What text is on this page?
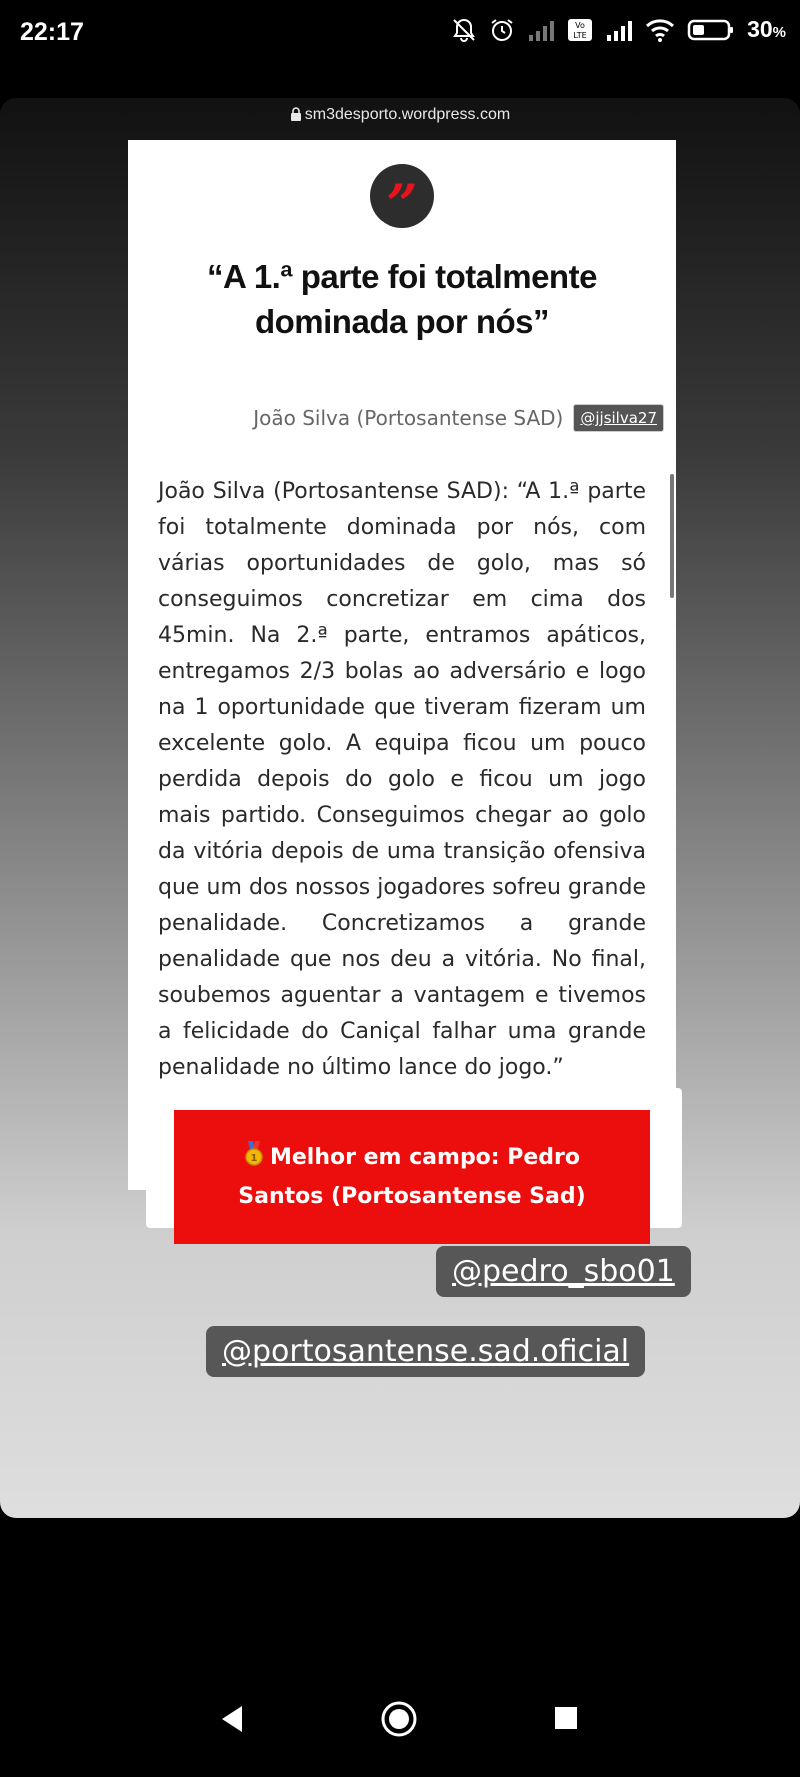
22:17	Vo
LTE	30%
sm3desporto.wordpress.com
”
“A 1.ª parte foi totalmente dominada por nós”
João Silva (Portosantense SAD)	@jjsilva27
João Silva (Portosantense SAD): “A 1.ª parte foi totalmente dominada por nós, com várias oportunidades de golo, mas só conseguimos concretizar em cima dos 45min. Na 2.ª parte, entramos apáticos, entregamos 2/3 bolas ao adversário e logo na 1 oportunidade que tiveram fizeram um excelente golo. A equipa ficou um pouco perdida depois do golo e ficou um jogo mais partido. Conseguimos chegar ao golo da vitória depois de uma transição ofensiva que um dos nossos jogadores sofreu grande penalidade. Concretizamos a grande penalidade que nos deu a vitória. No final, soubemos aguentar a vantagem e tivemos a felicidade do Caniçal falhar uma grande penalidade no último lance do jogo.”
1 Melhor em campo: Pedro
Santos (Portosantense Sad)
@pedro_sbo01
@portosantense.sad.oficial
